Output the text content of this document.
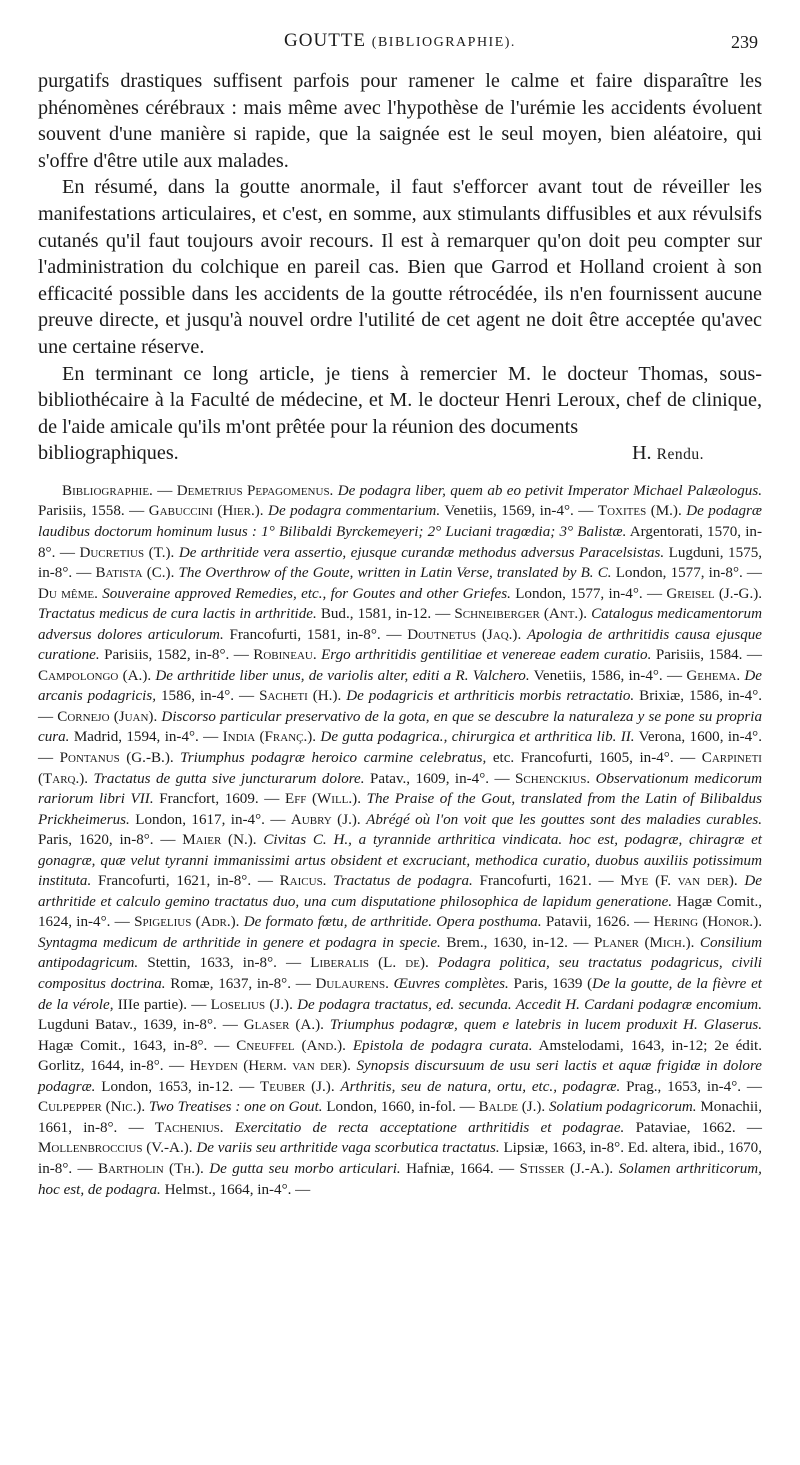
GOUTTE (BIBLIOGRAPHIE).	239

purgatifs drastiques suffisent parfois pour ramener le calme et faire disparaître les phénomènes cérébraux : mais même avec l'hypothèse de l'urémie les accidents évoluent souvent d'une manière si rapide, que la saignée est le seul moyen, bien aléatoire, qui s'offre d'être utile aux malades.

En résumé, dans la goutte anormale, il faut s'efforcer avant tout de réveiller les manifestations articulaires, et c'est, en somme, aux stimulants diffusibles et aux révulsifs cutanés qu'il faut toujours avoir recours. Il est à remarquer qu'on doit peu compter sur l'administration du colchique en pareil cas. Bien que Garrod et Holland croient à son efficacité possible dans les accidents de la goutte rétrocédée, ils n'en fournissent aucune preuve directe, et jusqu'à nouvel ordre l'utilité de cet agent ne doit être acceptée qu'avec une certaine réserve.

En terminant ce long article, je tiens à remercier M. le docteur Thomas, sous-bibliothécaire à la Faculté de médecine, et M. le docteur Henri Leroux, chef de clinique, de l'aide amicale qu'ils m'ont prêtée pour la réunion des documents

bibliographiques.	H. Rendu.

Bibliographie. — Demetrius Pepagomenus. De podagra liber, quem ab eo petivit Imperator Michael Palæologus. Parisiis, 1558. — Gabuccini (Hier.). De podagra commentarium. Venetiis, 1569, in-4°. — Toxites (M.). De podagræ laudibus doctorum hominum lusus : 1° Bilibaldi Byrckemeyeri; 2° Luciani tragœdia; 3° Balistæ. Argentorati, 1570, in-8°. — Ducretius (T.). De arthritide vera assertio, ejusque curandæ methodus adversus Paracelsistas. Lugduni, 1575, in-8°. — Batista (C.). The Overthrow of the Goute, written in Latin Verse, translated by B. C. London, 1577, in-8°. — Du même. Souveraine approved Remedies, etc., for Goutes and other Griefes. London, 1577, in-4°. — Greisel (J.-G.). Tractatus medicus de cura lactis in arthritide. Bud., 1581, in-12. — Schneiberger (Ant.). Catalogus medicamentorum adversus dolores articulorum. Francofurti, 1581, in-8°. — Doutnetus (Jaq.). Apologia de arthritidis causa ejusque curatione. Parisiis, 1582, in-8°. — Robineau. Ergo arthritidis gentilitiae et venereae eadem curatio. Parisiis, 1584. — Campolongo (A.). De arthritide liber unus, de variolis alter, editi a R. Valchero. Venetiis, 1586, in-4°. — Gehema. De arcanis podagricis, 1586, in-4°. — Sacheti (H.). De podagricis et arthriticis morbis retractatio. Brixiæ, 1586, in-4°. — Cornejo (Juan). Discorso particular preservativo de la gota, en que se descubre la naturaleza y se pone su propria cura. Madrid, 1594, in-4°. — India (Franç.). De gutta podagrica., chirurgica et arthritica lib. II. Verona, 1600, in-4°. — Pontanus (G.-B.). Triumphus podagræ heroico carmine celebratus, etc. Francofurti, 1605, in-4°. — Carpineti (Tarq.). Tractatus de gutta sive juncturarum dolore. Patav., 1609, in-4°. — Schenckius. Observationum medicorum rariorum libri VII. Francfort, 1609. — Eff (Will.). The Praise of the Gout, translated from the Latin of Bilibaldus Prickheimerus. London, 1617, in-4°. — Aubry (J.). Abrégé où l'on voit que les gouttes sont des maladies curables. Paris, 1620, in-8°. — Maier (N.). Civitas C. H., a tyrannide arthritica vindicata. hoc est, podagræ, chiragræ et gonagræ, quæ velut tyranni immanissimi artus obsident et excruciant, methodica curatio, duobus auxiliis potissimum instituta. Francofurti, 1621, in-8°. — Raicus. Tractatus de podagra. Francofurti, 1621. — Mye (F. van der). De arthritide et calculo gemino tractatus duo, una cum disputatione philosophica de lapidum generatione. Hagæ Comit., 1624, in-4°. — Spigelius (Adr.). De formato fœtu, de arthritide. Opera posthuma. Patavii, 1626. — Hering (Honor.). Syntagma medicum de arthritide in genere et podagra in specie. Brem., 1630, in-12. — Planer (Mich.). Consilium antipodagricum. Stettin, 1633, in-8°. — Liberalis (L. de). Podagra politica, seu tractatus podagricus, civili compositus doctrina. Romæ, 1637, in-8°. — Dulaurens. Œuvres complètes. Paris, 1639 (De la goutte, de la fièvre et de la vérole, IIIe partie). — Loselius (J.). De podagra tractatus, ed. secunda. Accedit H. Cardani podagræ encomium. Lugduni Batav., 1639, in-8°. — Glaser (A.). Triumphus podagræ, quem e latebris in lucem produxit H. Glaserus. Hagæ Comit., 1643, in-8°. — Cneuffel (And.). Epistola de podagra curata. Amstelodami, 1643, in-12; 2e édit. Gorlitz, 1644, in-8°. — Heyden (Herm. van der). Synopsis discursuum de usu seri lactis et aquæ frigidæ in dolore podagræ. London, 1653, in-12. — Teuber (J.). Arthritis, seu de natura, ortu, etc., podagræ. Prag., 1653, in-4°. — Culpepper (Nic.). Two Treatises : one on Gout. London, 1660, in-fol. — Balde (J.). Solatium podagricorum. Monachii, 1661, in-8°. — Tachenius. Exercitatio de recta acceptatione arthritidis et podagrae. Pataviae, 1662. — Mollenbroccius (V.-A.). De variis seu arthritide vaga scorbutica tractatus. Lipsiæ, 1663, in-8°. Ed. altera, ibid., 1670, in-8°. — Bartholin (Th.). De gutta seu morbo articulari. Hafniæ, 1664. — Stisser (J.-A.). Solamen arthriticorum, hoc est, de podagra. Helmst., 1664, in-4°. —
